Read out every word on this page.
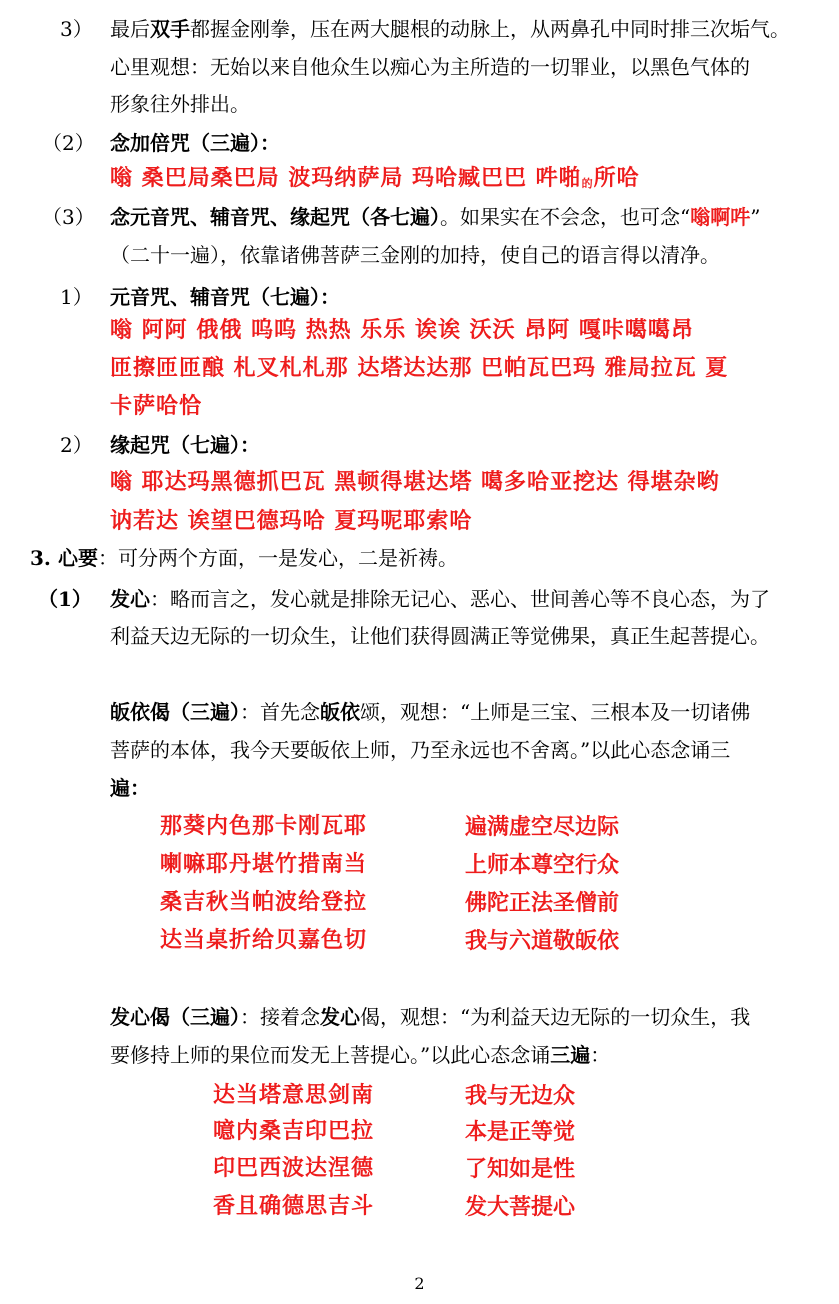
3） 最后双手都握金刚拳，压在两大腿根的动脉上，从两鼻孔中同时排三次垢气。
心里观想：无始以来自他众生以痴心为主所造的一切罪业，以黑色气体的
形象往外排出。
（2） 念加倍咒（三遍）：
嗡 桑巴局桑巴局 波玛纳萨局 玛哈臧巴巴 吽啪$_的$所哈
（3） 念元音咒、辅音咒、缘起咒（各七遍）。如果实在不会念，也可念“嗡啊吽”
（二十一遍），依靠诸佛菩萨三金刚的加持，使自己的语言得以清净。
1） 元音咒、辅音咒（七遍）：
嗡 阿阿 俄俄 呜呜 热热 乐乐 诶诶 沃沃 昂阿 嘎咔噶噶昂
匝擦匝匝酿 札叉札札那 达塔达达那 巴帕瓦巴玛 雅局拉瓦 夏
卡萨哈恰
2） 缘起咒（七遍）：
嗡 耶达玛黑德抓巴瓦 黑顿得堪达塔 噶多哈亚挖达 得堪杂哟
讷若达 诶望巴德玛哈 夏玛呢耶索哈
3. 心要：可分两个方面，一是发心，二是祈祷。
（1） 发心：略而言之，发心就是排除无记心、恶心、世间善心等不良心态，为了
利益天边无际的一切众生，让他们获得圆满正等觉佛果，真正生起菩提心。
皈依偈（三遍）：首先念皈依颂，观想：“上师是三宝、三根本及一切诸佛
菩萨的本体，我今天要皈依上师，乃至永远也不舍离。”以此心态念诵三
遍：
那葵内色那卡刚瓦耶
喇嘛耶丹堪竹措南当
桑吉秋当帕波给登拉
达当桌折给贝嘉色切
遍满虚空尽边际
上师本尊空行众
佛陀正法圣僧前
我与六道敬皈依
发心偈（三遍）：接着念发心偈，观想：“为利益天边无际的一切众生，我
要修持上师的果位而发无上菩提心。”以此心态念诵三遍：
达当塔意思剑南
噫内桑吉印巴拉
印巴西波达涅德
香且确德思吉斗
我与无边众
本是正等觉
了知如是性
发大菩提心
2
